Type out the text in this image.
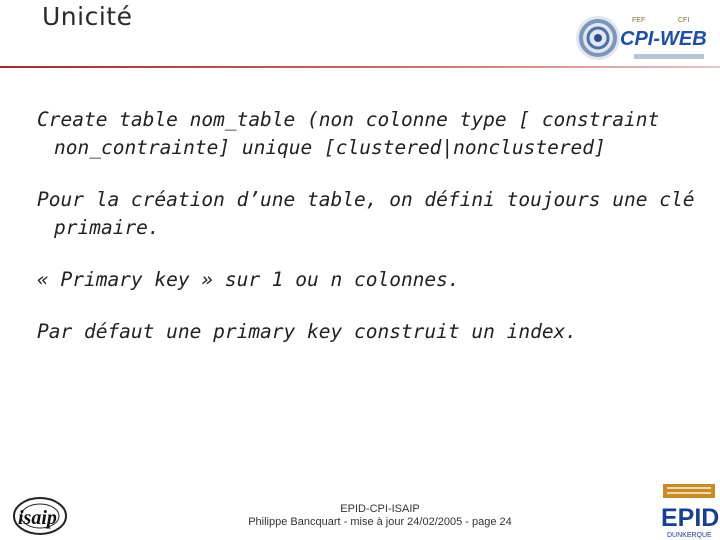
Unicité	FEF	CFI
CPI-WEB

Create table nom_table (non colonne type [ constraint non_contrainte] unique [clustered|nonclustered]

Pour la création d’une table, on défini toujours une clé primaire.

« Primary key » sur 1 ou n colonnes.

Par défaut une primary key construit un index.

isaip	EPID-CPI-ISAIP
Philippe Bancquart - mise à jour 24/02/2005 - page 24	EPID
DUNKERQUE
